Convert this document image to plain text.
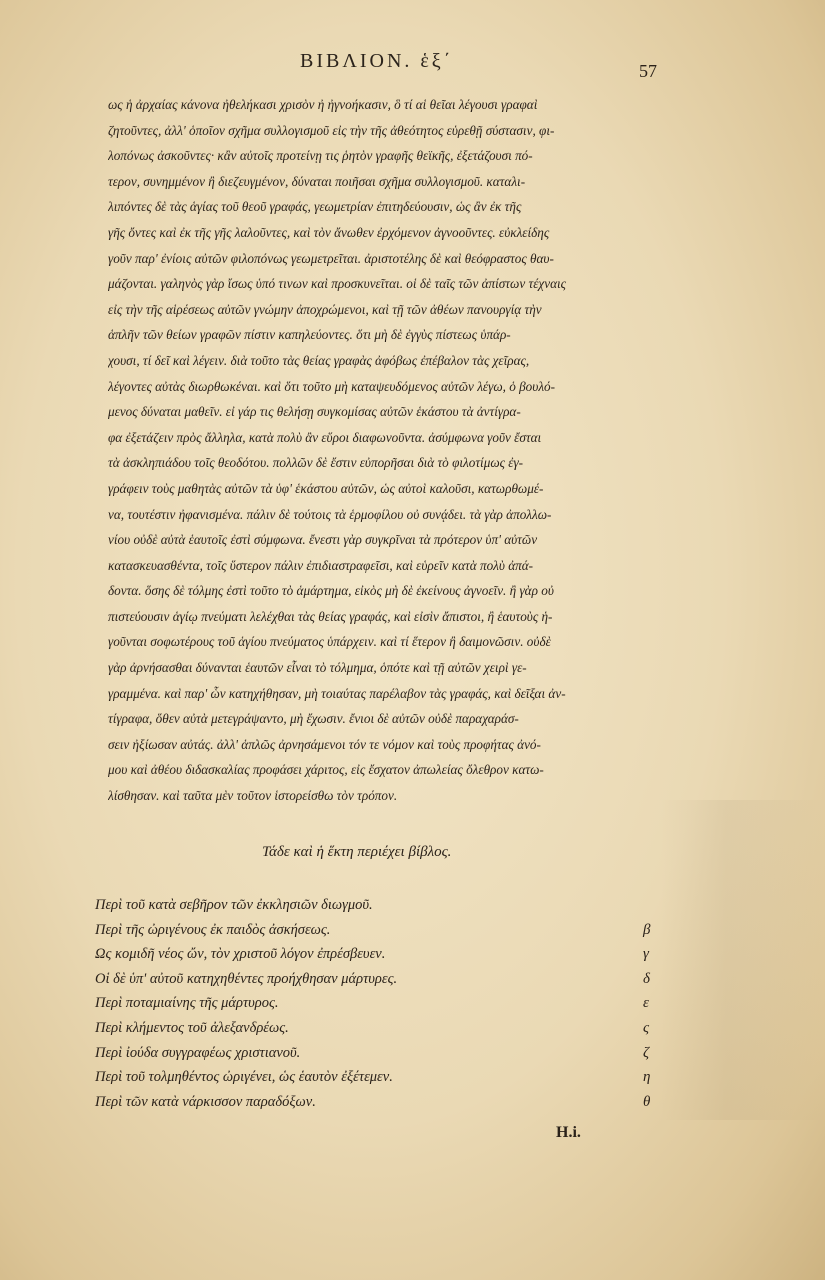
ΒΙΒΛΙΟΝ. ἑξ΄	57
ως ἡ ἀρχαίας κάνονα ἠθελήκασι χρισὸν ἠ ἠγνοήκασιν, ὃ τί αἱ θεῖαι λέγουσι γραφαὶ
ζητοῦντες, ἀλλ' ὁποῖον σχῆμα συλλογισμοῦ εἰς τὴν τῆς ἀθεότητος εὑρεθῇ σύστασιν, φι-
λοπόνως ἀσκοῦντες· κἂν αὐτοῖς προτείνῃ τις ῥητὸν γραφῆς θεϊκῆς, ἐξετάζουσι πό-
τερον, συνημμένον ἢ διεζευγμένον, δύναται ποιῆσαι σχῆμα συλλογισμοῦ. καταλι-
λιπόντες δὲ τὰς ἁγίας τοῦ θεοῦ γραφάς, γεωμετρίαν ἐπιτηδεύουσιν, ὡς ἂν ἐκ τῆς
γῆς ὄντες καὶ ἐκ τῆς γῆς λαλοῦντες, καὶ τὸν ἄνωθεν ἐρχόμενον ἀγνοοῦντες. εὐκλείδης
γοῦν παρ' ἐνίοις αὐτῶν φιλοπόνως γεωμετρεῖται. ἀριστοτέλης δὲ καὶ θεόφραστος θαυ-
μάζονται. γαληνὸς γὰρ ἴσως ὑπό τινων καὶ προσκυνεῖται. οἱ δὲ ταῖς τῶν ἀπίστων τέχναις
εἰς τὴν τῆς αἱρέσεως αὐτῶν γνώμην ἀποχρώμενοι, καὶ τῇ τῶν ἀθέων πανουργίᾳ τὴν
ἁπλῆν τῶν θείων γραφῶν πίστιν καπηλεύοντες. ὅτι μὴ δὲ ἐγγὺς πίστεως ὑπάρ-
χουσι, τί δεῖ καὶ λέγειν. διὰ τοῦτο τὰς θείας γραφὰς ἀφόβως ἐπέβαλον τὰς χεῖρας,
λέγοντες αὐτὰς διωρθωκέναι. καὶ ὅτι τοῦτο μὴ καταψευδόμενος αὐτῶν λέγω, ὁ βουλό-
μενος δύναται μαθεῖν. εἰ γάρ τις θελήσῃ συγκομίσας αὐτῶν ἑκάστου τὰ ἀντίγρα-
φα ἐξετάζειν πρὸς ἄλληλα, κατὰ πολὺ ἂν εὕροι διαφωνοῦντα. ἀσύμφωνα γοῦν ἔσται
τὰ ἀσκληπιάδου τοῖς θεοδότου. πολλῶν δὲ ἔστιν εὐπορῆσαι διὰ τὸ φιλοτίμως ἐγ-
γράφειν τοὺς μαθητὰς αὐτῶν τὰ ὑφ' ἑκάστου αὐτῶν, ὡς αὐτοὶ καλοῦσι, κατωρθωμέ-
να, τουτέστιν ἠφανισμένα. πάλιν δὲ τούτοις τὰ ἑρμοφίλου οὐ συνᾴδει. τὰ γὰρ ἀπολλω-
νίου οὐδὲ αὐτὰ ἑαυτοῖς ἐστὶ σύμφωνα. ἔνεστι γὰρ συγκρῖναι τὰ πρότερον ὑπ' αὐτῶν
κατασκευασθέντα, τοῖς ὕστερον πάλιν ἐπιδιαστραφεῖσι, καὶ εὑρεῖν κατὰ πολὺ ἀπά-
δοντα. ὅσης δὲ τόλμης ἐστὶ τοῦτο τὸ ἁμάρτημα, εἰκὸς μὴ δὲ ἐκείνους ἀγνοεῖν. ἢ γὰρ οὐ
πιστεύουσιν ἁγίῳ πνεύματι λελέχθαι τὰς θείας γραφάς, καὶ εἰσὶν ἄπιστοι, ἢ ἑαυτοὺς ἡ-
γοῦνται σοφωτέρους τοῦ ἁγίου πνεύματος ὑπάρχειν. καὶ τί ἕτερον ἢ δαιμονῶσιν. οὐδὲ
γὰρ ἀρνήσασθαι δύνανται ἑαυτῶν εἶναι τὸ τόλμημα, ὁπότε καὶ τῇ αὐτῶν χειρὶ γε-
γραμμένα. καὶ παρ' ὧν κατηχήθησαν, μὴ τοιαύτας παρέλαβον τὰς γραφάς, καὶ δεῖξαι ἀν-
τίγραφα, ὅθεν αὐτὰ μετεγράψαντο, μὴ ἔχωσιν. ἔνιοι δὲ αὐτῶν οὐδὲ παραχαράσ-
σειν ἠξίωσαν αὐτάς. ἀλλ' ἁπλῶς ἀρνησάμενοι τόν τε νόμον καὶ τοὺς προφήτας ἀνό-
μου καὶ ἀθέου διδασκαλίας προφάσει χάριτος, εἰς ἔσχατον ἀπωλείας ὄλεθρον κατω-
λίσθησαν. καὶ ταῦτα μὲν τοῦτον ἱστορείσθω τὸν τρόπον.
Τάδε καὶ ἡ ἕκτη περιέχει βίβλος.
Περὶ τοῦ κατὰ σεβῆρον τῶν ἐκκλησιῶν διωγμοῦ.
Περὶ τῆς ὠριγένους ἐκ παιδὸς ἀσκήσεως.	β
Ως κομιδῆ νέος ὤν, τὸν χριστοῦ λόγον ἐπρέσβευεν.	γ
Οἱ δὲ ὑπ' αὐτοῦ κατηχηθέντες προήχθησαν μάρτυρες.	δ
Περὶ ποταμιαίνης τῆς μάρτυρος.	ε
Περὶ κλήμεντος τοῦ ἀλεξανδρέως.	ς
Περὶ ἰούδα συγγραφέως χριστιανοῦ.	ζ
Περὶ τοῦ τολμηθέντος ὠριγένει, ὡς ἑαυτὸν ἐξέτεμεν.	η
Περὶ τῶν κατὰ νάρκισσον παραδόξων.	θ
H.i.
